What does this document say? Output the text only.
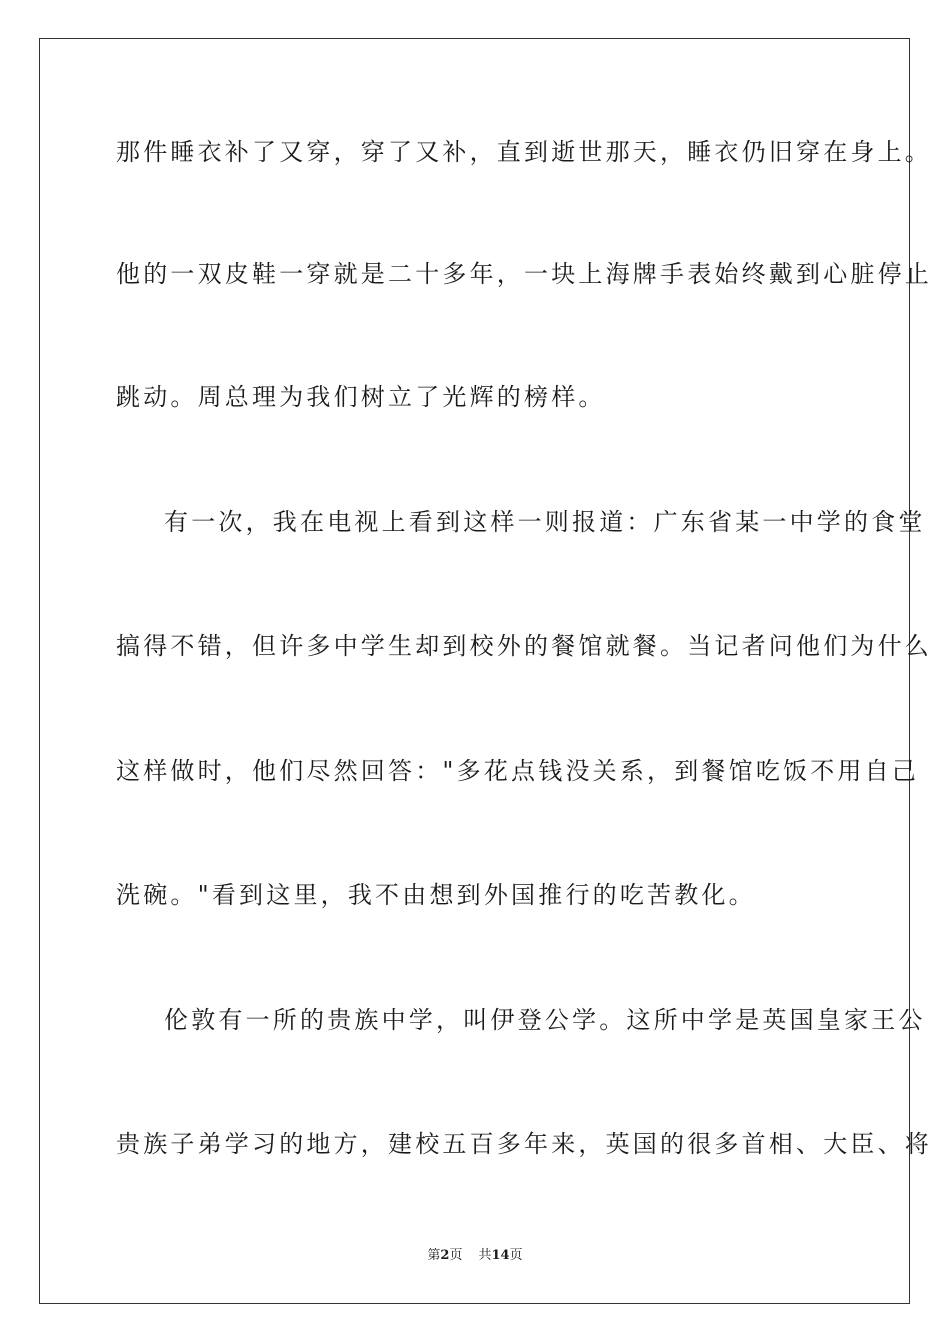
那件睡衣补了又穿，穿了又补，直到逝世那天，睡衣仍旧穿在身上。
他的一双皮鞋一穿就是二十多年，一块上海牌手表始终戴到心脏停止
跳动。周总理为我们树立了光辉的榜样。
有一次，我在电视上看到这样一则报道：广东省某一中学的食堂
搞得不错，但许多中学生却到校外的餐馆就餐。当记者问他们为什么
这样做时，他们尽然回答："多花点钱没关系，到餐馆吃饭不用自己
洗碗。"看到这里，我不由想到外国推行的吃苦教化。
伦敦有一所的贵族中学，叫伊登公学。这所中学是英国皇家王公
贵族子弟学习的地方，建校五百多年来，英国的很多首相、大臣、将
第2页 共14页
